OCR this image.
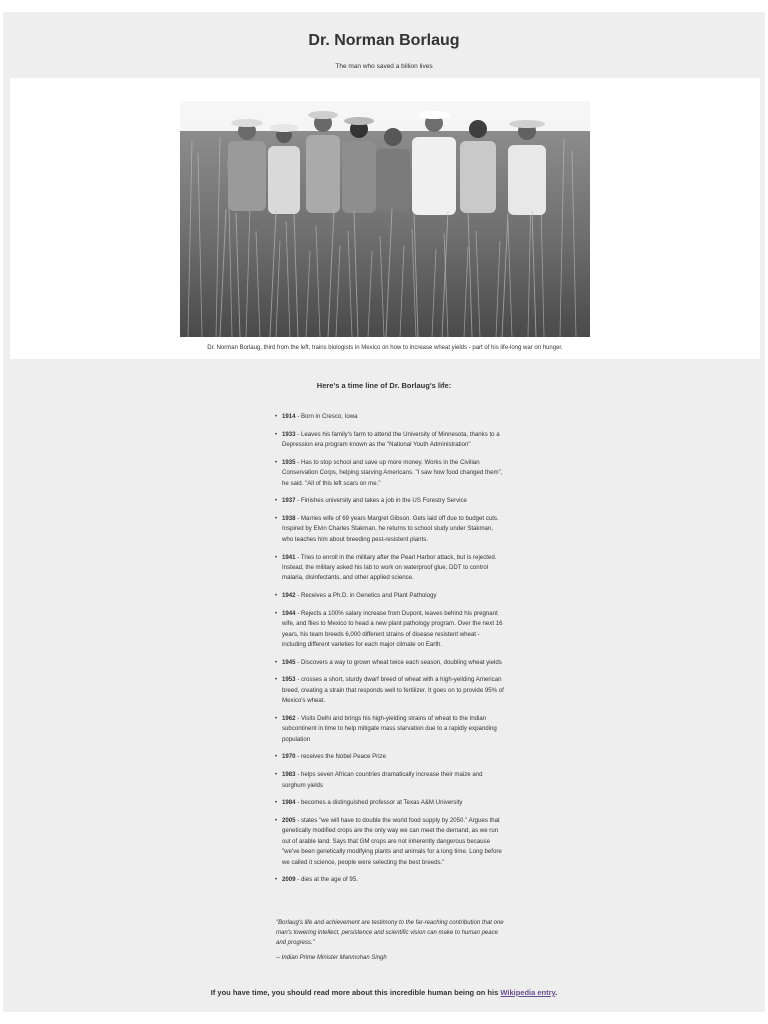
Dr. Norman Borlaug

The man who saved a billion lives

Dr. Norman Borlaug, third from the left, trains biologists in Mexico on how to increase wheat yields - part of his life-long war on hunger.
Here's a time line of Dr. Borlaug's life:
• 1914 - Born in Cresco, Iowa
• 1933 - Leaves his family's farm to attend the University of Minnesota, thanks to a Depression era program known as the "National Youth Administration"
• 1935 - Has to stop school and save up more money. Works in the Civilian Conservation Corps, helping starving Americans. "I saw how food changed them", he said. "All of this left scars on me."
• 1937 - Finishes university and takes a job in the US Forestry Service
• 1938 - Marries wife of 69 years Margret Gibson. Gets laid off due to budget cuts. Inspired by Elvin Charles Stakman, he returns to school study under Stakman, who teaches him about breeding pest-resistent plants.
• 1941 - Tries to enroll in the military after the Pearl Harbor attack, but is rejected. Instead, the military asked his lab to work on waterproof glue, DDT to control malaria, disinfectants, and other applied science.
• 1942 - Receives a Ph.D. in Genetics and Plant Pathology
• 1944 - Rejects a 100% salary increase from Dupont, leaves behind his pregnant wife, and flies to Mexico to head a new plant pathology program. Over the next 16 years, his team breeds 6,000 different strains of disease resistent wheat - including different varieties for each major climate on Earth.
• 1945 - Discovers a way to grown wheat twice each season, doubling wheat yields
• 1953 - crosses a short, sturdy dwarf breed of wheat with a high-yeilding American breed, creating a strain that responds well to fertilizer. It goes on to provide 95% of Mexico's wheat.
• 1962 - Visits Delhi and brings his high-yielding strains of wheat to the Indian subcontinent in time to help mitigate mass starvation due to a rapidly expanding population
• 1970 - receives the Nobel Peace Prize
• 1983 - helps seven African countries dramatically increase their maize and sorghum yields
• 1984 - becomes a distinguished professor at Texas A&M University
• 2005 - states "we will have to double the world food supply by 2050." Argues that genetically modified crops are the only way we can meet the demand, as we run out of arable land. Says that GM crops are not inherently dangerous because "we've been genetically modifying plants and animals for a long time. Long before we called it science, people were selecting the best breeds."
• 2009 - dies at the age of 95.
"Borlaug's life and achievement are testimony to the far-reaching contribution that one man's towering intellect, persistence and scientific vision can make to human peace and progress."
-- Indian Prime Minister Manmohan Singh
If you have time, you should read more about this incredible human being on his Wikipedia entry.
